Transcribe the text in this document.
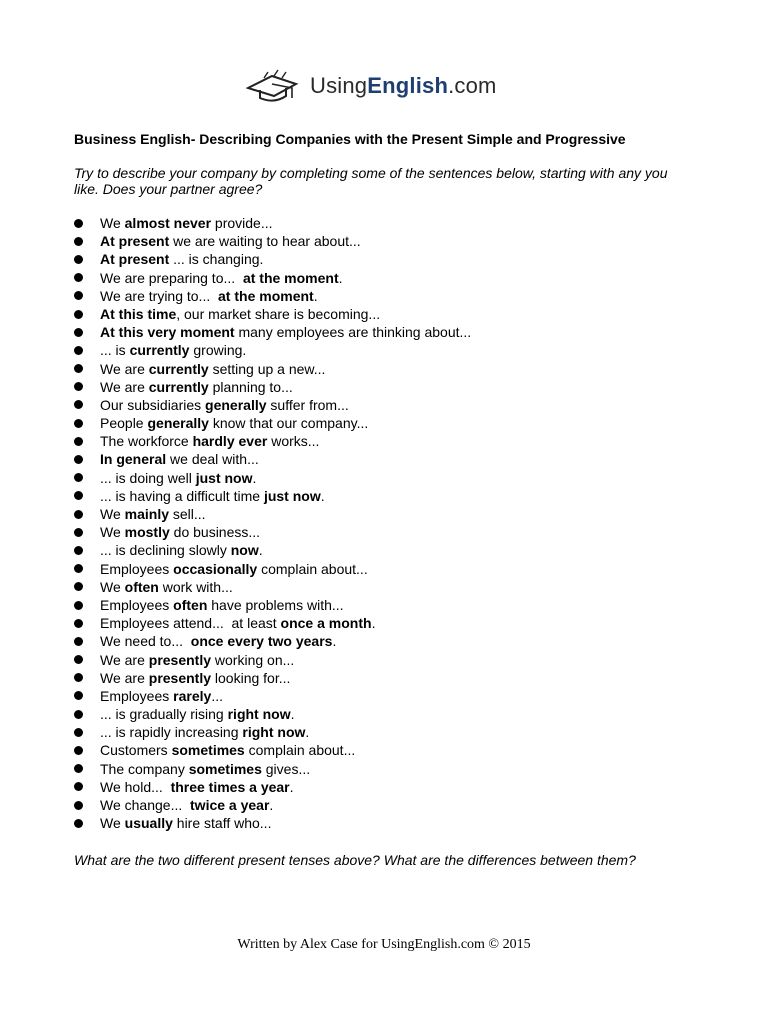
UsingEnglish.com
Business English- Describing Companies with the Present Simple and Progressive

Try to describe your company by completing some of the sentences below, starting with any you like. Does your partner agree?

We almost never provide...
At present we are waiting to hear about...
At present ... is changing.
We are preparing to...  at the moment.
We are trying to...  at the moment.
At this time, our market share is becoming...
At this very moment many employees are thinking about...
... is currently growing.
We are currently setting up a new...
We are currently planning to...
Our subsidiaries generally suffer from...
People generally know that our company...
The workforce hardly ever works...
In general we deal with...
... is doing well just now.
... is having a difficult time just now.
We mainly sell...
We mostly do business...
... is declining slowly now.
Employees occasionally complain about...
We often work with...
Employees often have problems with...
Employees attend...  at least once a month.
We need to...  once every two years.
We are presently working on...
We are presently looking for...
Employees rarely...
... is gradually rising right now.
... is rapidly increasing right now.
Customers sometimes complain about...
The company sometimes gives...
We hold...  three times a year.
We change...  twice a year.
We usually hire staff who...

What are the two different present tenses above? What are the differences between them?

Written by Alex Case for UsingEnglish.com © 2015
